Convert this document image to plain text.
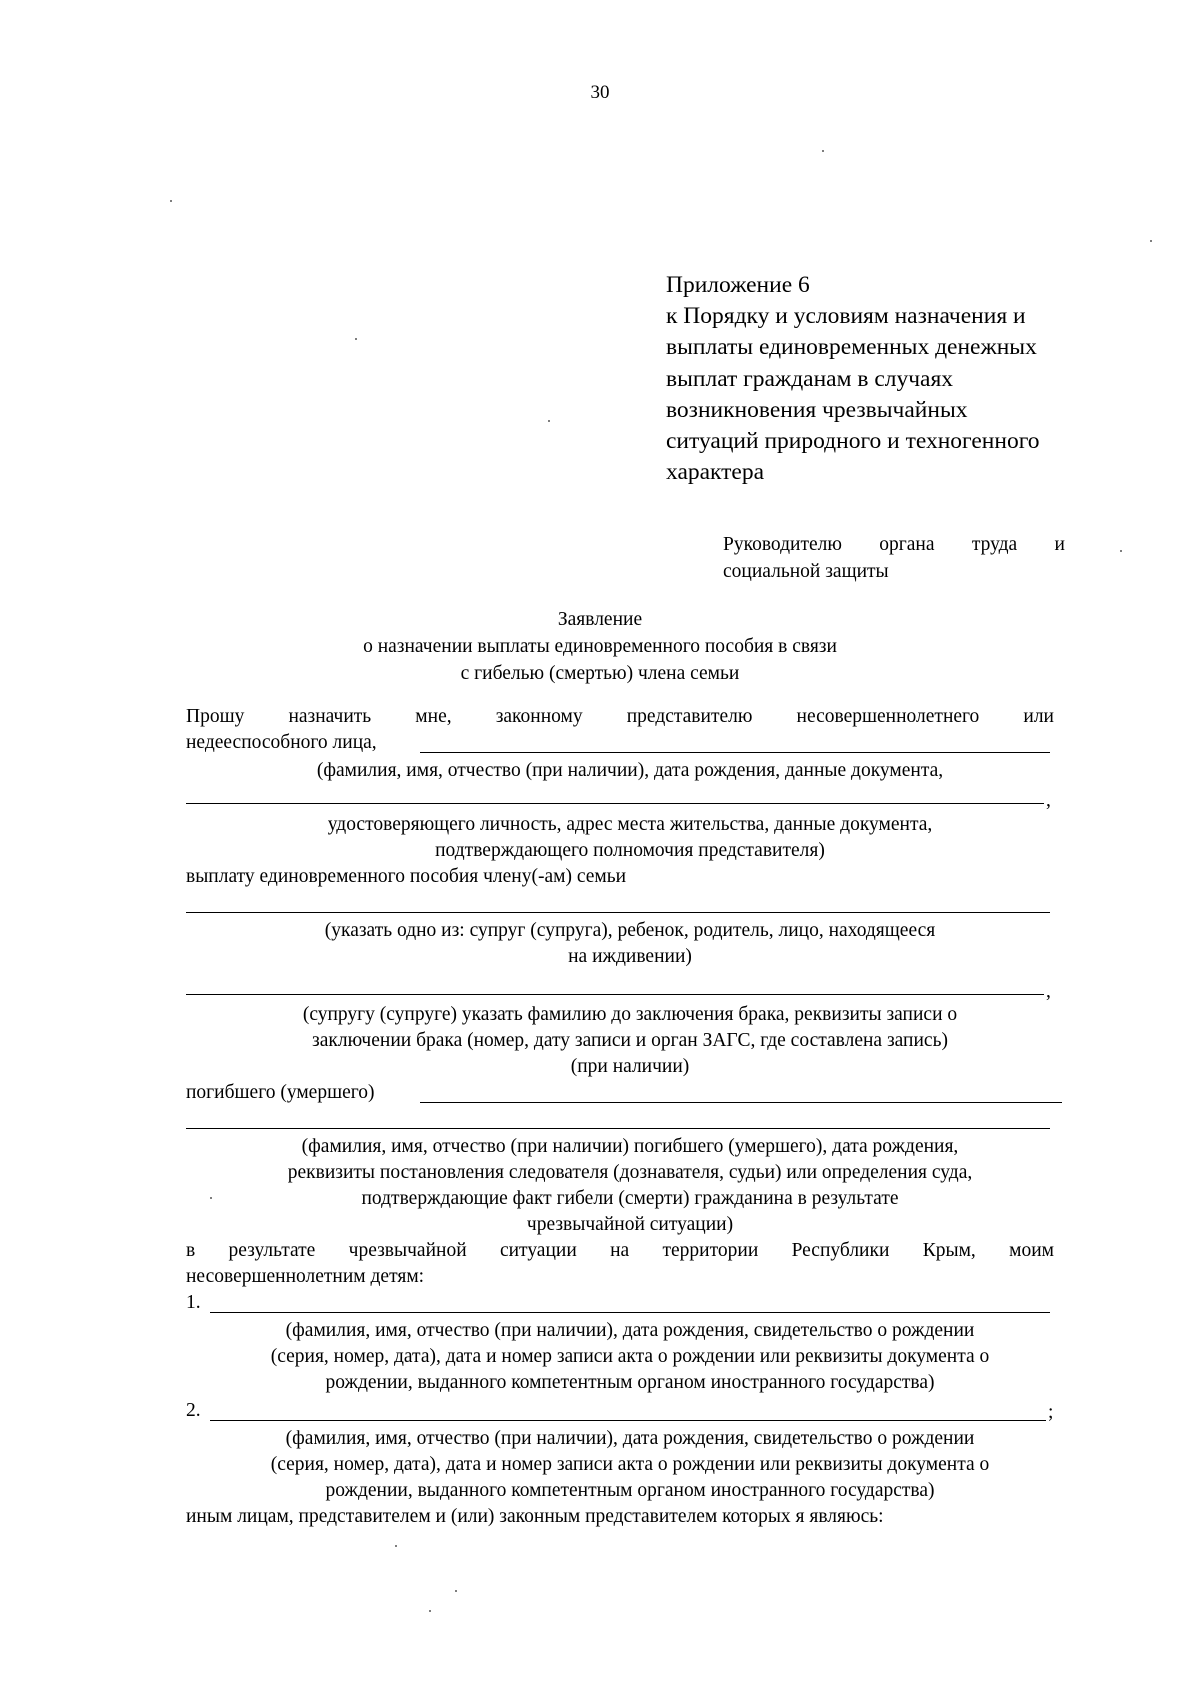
30
Приложение 6
к Порядку и условиям назначения и
выплаты единовременных денежных
выплат гражданам в случаях
возникновения чрезвычайных
ситуаций природного и техногенного
характера
Руководителю органа труда и
социальной защиты
Заявление
о назначении выплаты единовременного пособия в связи
с гибелью (смертью) члена семьи
Прошу назначить мне, законному представителю несовершеннолетнего или
недееспособного лица,
(фамилия, имя, отчество (при наличии), дата рождения, данные документа,
,
удостоверяющего личность, адрес места жительства, данные документа,
подтверждающего полномочия представителя)
выплату единовременного пособия члену(-ам) семьи
(указать одно из: супруг (супруга), ребенок, родитель, лицо, находящееся
на иждивении)
,
(супругу (супруге) указать фамилию до заключения брака, реквизиты записи о
заключении брака (номер, дату записи и орган ЗАГС, где составлена запись)
(при наличии)
погибшего (умершего)
(фамилия, имя, отчество (при наличии) погибшего (умершего), дата рождения,
реквизиты постановления следователя (дознавателя, судьи) или определения суда,
подтверждающие факт гибели (смерти) гражданина в результате
чрезвычайной ситуации)
в результате чрезвычайной ситуации на территории Республики Крым, моим
несовершеннолетним детям:
1.
(фамилия, имя, отчество (при наличии), дата рождения, свидетельство о рождении
(серия, номер, дата), дата и номер записи акта о рождении или реквизиты документа о
рождении, выданного компетентным органом иностранного государства)
2.	;
(фамилия, имя, отчество (при наличии), дата рождения, свидетельство о рождении
(серия, номер, дата), дата и номер записи акта о рождении или реквизиты документа о
рождении, выданного компетентным органом иностранного государства)
иным лицам, представителем и (или) законным представителем которых я являюсь:
